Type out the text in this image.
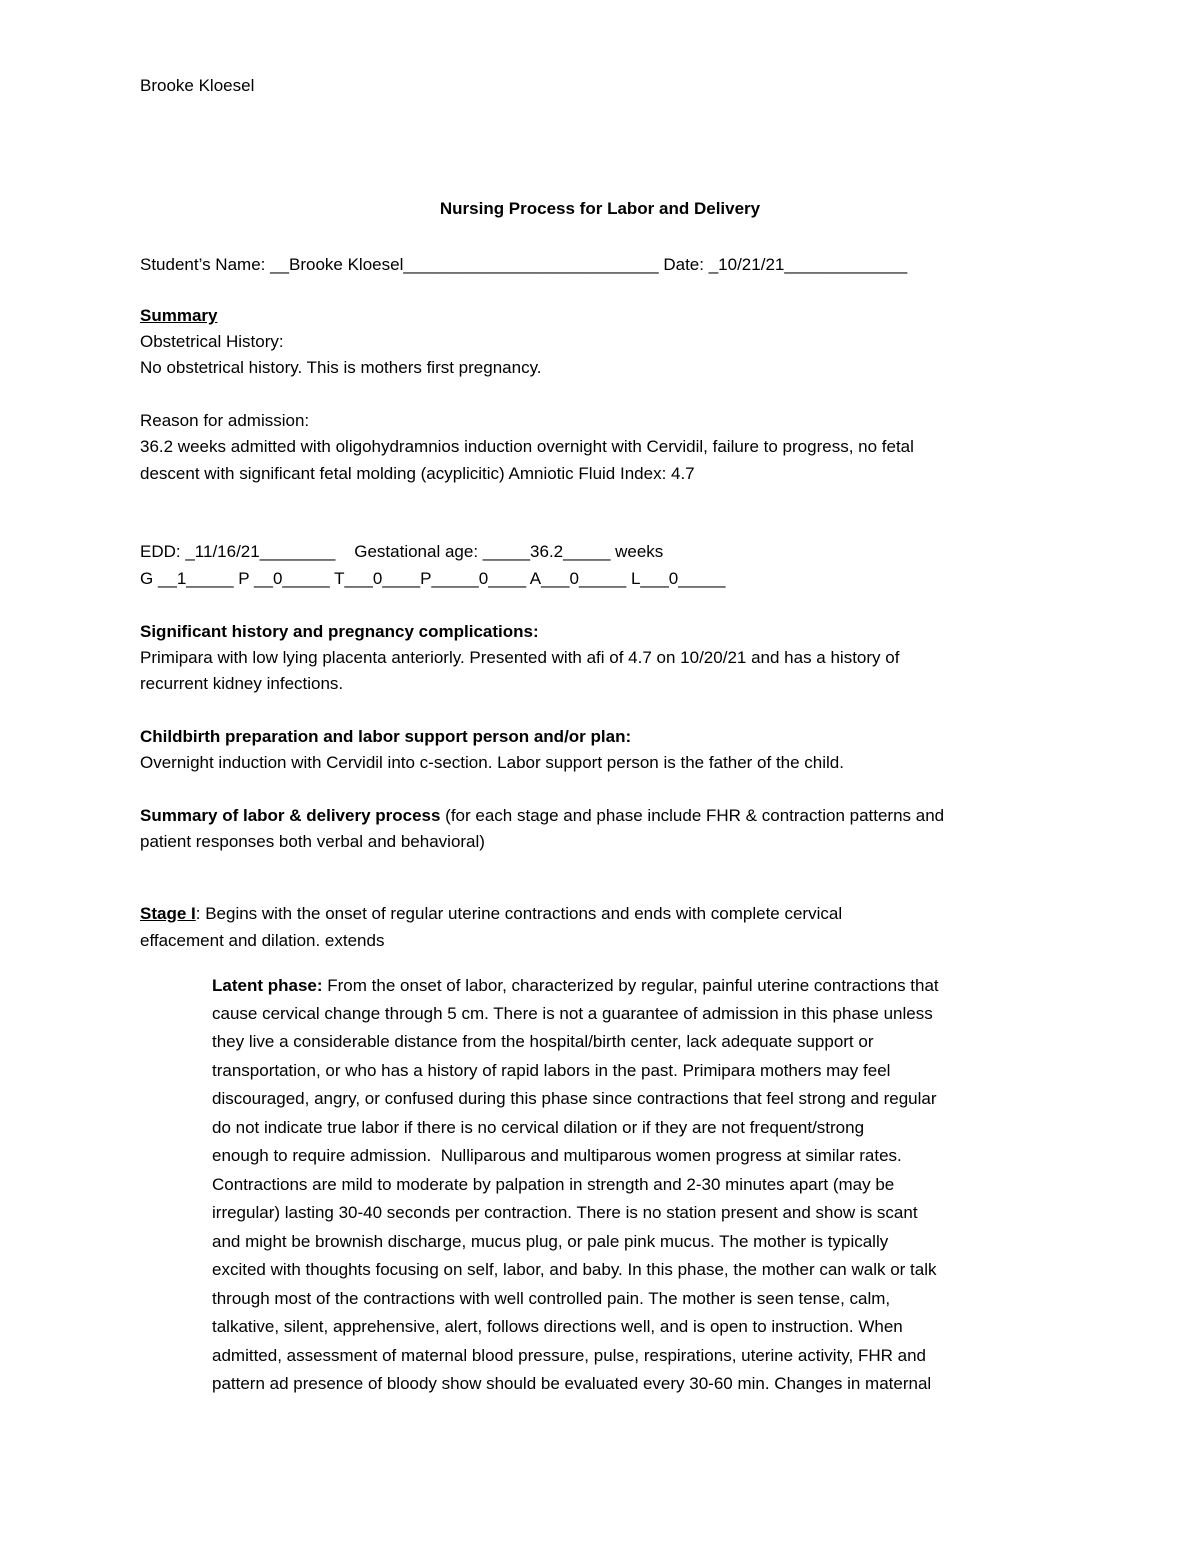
Brooke Kloesel
Nursing Process for Labor and Delivery
Student’s Name: __Brooke Kloesel___________________________ Date: _10/21/21_____________
Summary
Obstetrical History:
No obstetrical history. This is mothers first pregnancy.
Reason for admission:
36.2 weeks admitted with oligohydramnios induction overnight with Cervidil, failure to progress, no fetal
descent with significant fetal molding (acyplicitic) Amniotic Fluid Index: 4.7
EDD: _11/16/21________    Gestational age: _____36.2_____ weeks
G __1_____ P __0_____ T___0____P_____0____ A___0_____ L___0_____
Significant history and pregnancy complications:
Primipara with low lying placenta anteriorly. Presented with afi of 4.7 on 10/20/21 and has a history of
recurrent kidney infections.
Childbirth preparation and labor support person and/or plan:
Overnight induction with Cervidil into c-section. Labor support person is the father of the child.
Summary of labor & delivery process (for each stage and phase include FHR & contraction patterns and
patient responses both verbal and behavioral)
Stage I: Begins with the onset of regular uterine contractions and ends with complete cervical
effacement and dilation. extends
Latent phase: From the onset of labor, characterized by regular, painful uterine contractions that
cause cervical change through 5 cm. There is not a guarantee of admission in this phase unless
they live a considerable distance from the hospital/birth center, lack adequate support or
transportation, or who has a history of rapid labors in the past. Primipara mothers may feel
discouraged, angry, or confused during this phase since contractions that feel strong and regular
do not indicate true labor if there is no cervical dilation or if they are not frequent/strong
enough to require admission.  Nulliparous and multiparous women progress at similar rates.
Contractions are mild to moderate by palpation in strength and 2-30 minutes apart (may be
irregular) lasting 30-40 seconds per contraction. There is no station present and show is scant
and might be brownish discharge, mucus plug, or pale pink mucus. The mother is typically
excited with thoughts focusing on self, labor, and baby. In this phase, the mother can walk or talk
through most of the contractions with well controlled pain. The mother is seen tense, calm,
talkative, silent, apprehensive, alert, follows directions well, and is open to instruction. When
admitted, assessment of maternal blood pressure, pulse, respirations, uterine activity, FHR and
pattern ad presence of bloody show should be evaluated every 30-60 min. Changes in maternal
